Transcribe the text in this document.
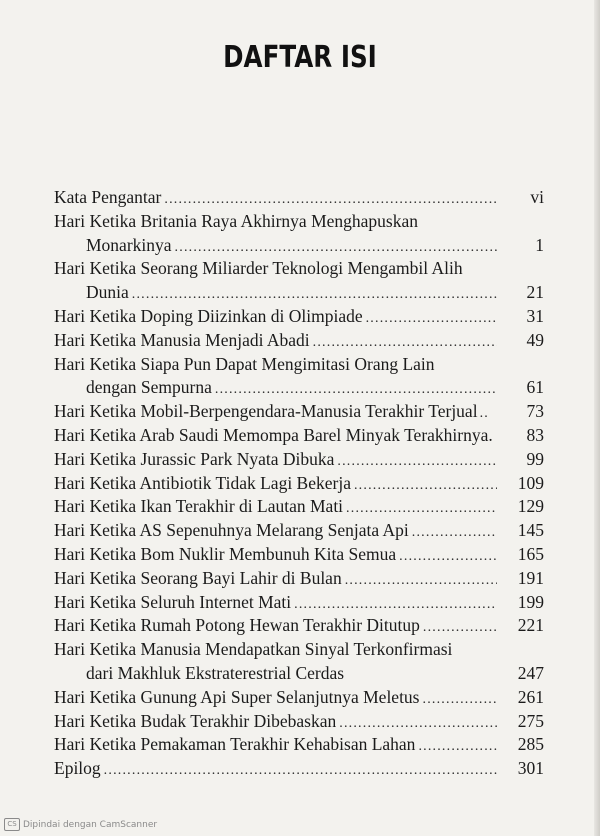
DAFTAR ISI
Kata Pengantar .....	vi
Hari Ketika Britania Raya Akhirnya Menghapuskan
Monarkinya .....	1
Hari Ketika Seorang Miliarder Teknologi Mengambil Alih
Dunia .....	21
Hari Ketika Doping Diizinkan di Olimpiade .....	31
Hari Ketika Manusia Menjadi Abadi .....	49
Hari Ketika Siapa Pun Dapat Mengimitasi Orang Lain
dengan Sempurna .....	61
Hari Ketika Mobil-Berpengendara-Manusia Terakhir Terjual ..	73
Hari Ketika Arab Saudi Memompa Barel Minyak Terakhirnya.	83
Hari Ketika Jurassic Park Nyata Dibuka .....	99
Hari Ketika Antibiotik Tidak Lagi Bekerja .....	109
Hari Ketika Ikan Terakhir di Lautan Mati .....	129
Hari Ketika AS Sepenuhnya Melarang Senjata Api .....	145
Hari Ketika Bom Nuklir Membunuh Kita Semua .....	165
Hari Ketika Seorang Bayi Lahir di Bulan .....	191
Hari Ketika Seluruh Internet Mati .....	199
Hari Ketika Rumah Potong Hewan Terakhir Ditutup .....	221
Hari Ketika Manusia Mendapatkan Sinyal Terkonfirmasi
dari Makhluk Ekstraterestrial Cerdas	247
Hari Ketika Gunung Api Super Selanjutnya Meletus .....	261
Hari Ketika Budak Terakhir Dibebaskan .....	275
Hari Ketika Pemakaman Terakhir Kehabisan Lahan .....	285
Epilog .....	301
CS Dipindai dengan CamScanner
